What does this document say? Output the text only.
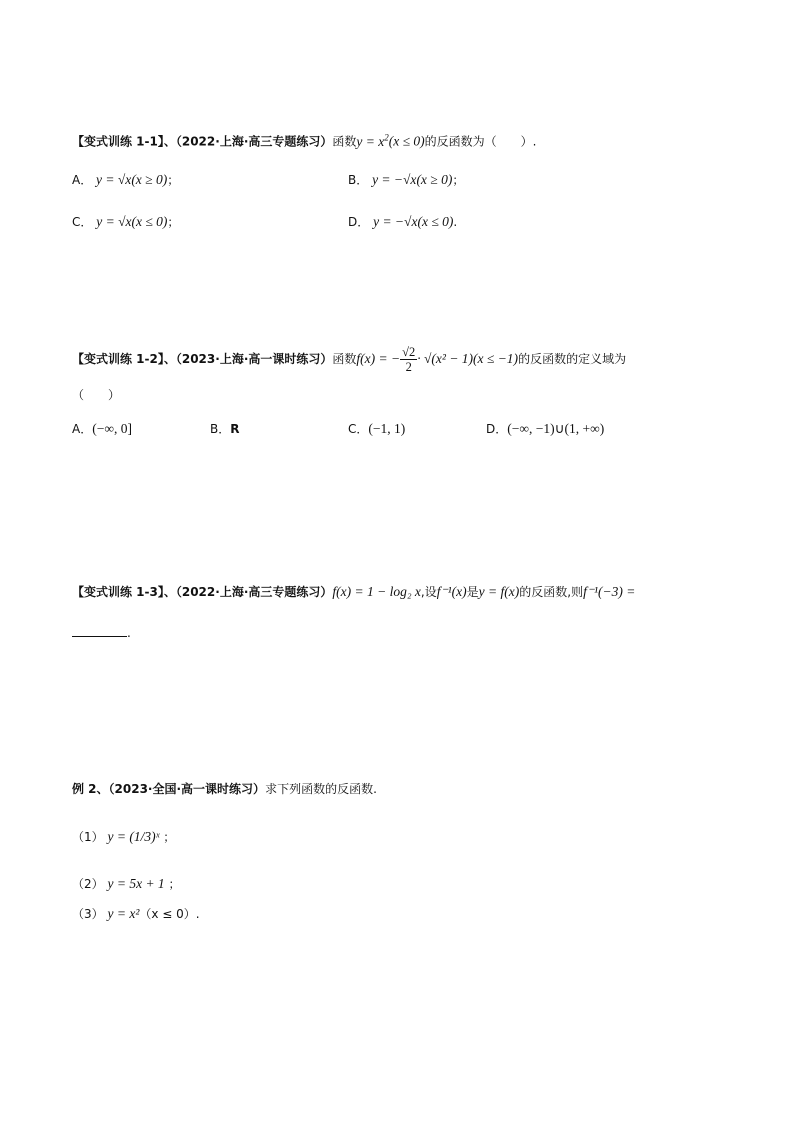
【变式训练 1-1】、（2022·上海·高三专题练习）函数$y = x^2(x \le 0)$的反函数为（　　）.
A． y = √x(x ≥ 0)；	B． y = −√x(x ≥ 0)；
C． y = √x(x ≤ 0)；	D． y = −√x(x ≤ 0).
【变式训练 1-2】、（2023·上海·高一课时练习）函数f(x) = − $\frac{√2}{2} \cdot √(x^2 - 1)(x \le -1)$的反函数的定义域为
（　　）
A．(−∞, 0]	B．R	C．(−1, 1)	D．(−∞, −1)∪(1, +∞)
【变式训练 1-3】、（2022·上海·高三专题练习）f(x) = 1 − log₂ x,设f⁻¹(x)是y = f(x)的反函数,则f⁻¹(−3) =
.
例 2、（2023·全国·高一课时练习）求下列函数的反函数.
（1） y = (1/3)ˣ ；
（2） y = 5x + 1 ；
（3） y = x²（x ≤ 0）.
